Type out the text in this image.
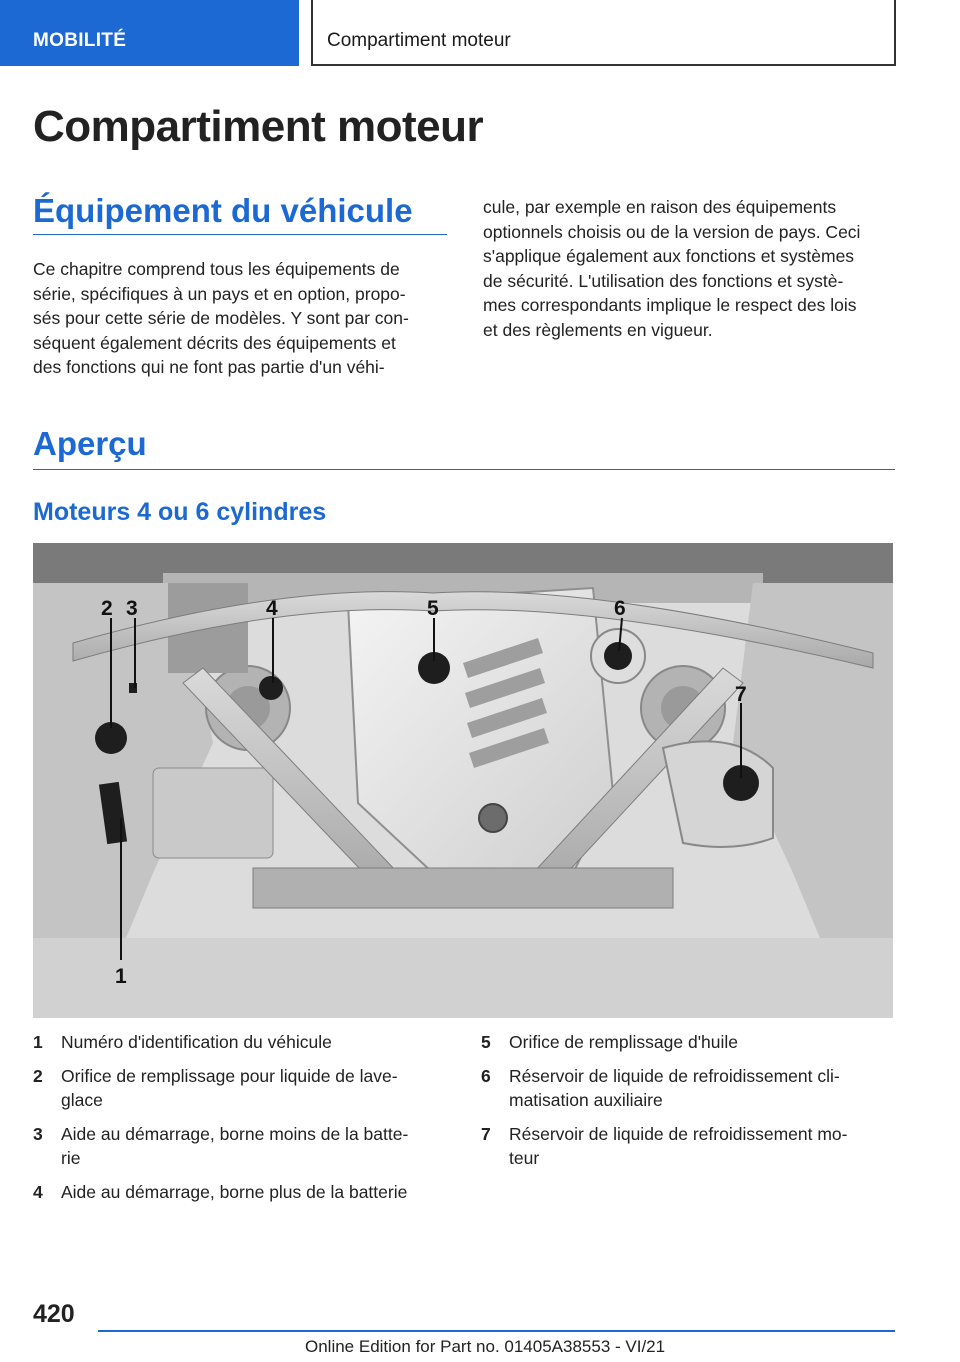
MOBILITÉ	Compartiment moteur
Compartiment moteur
Équipement du véhicule
Ce chapitre comprend tous les équipements de
série, spécifiques à un pays et en option, propo-
sés pour cette série de modèles. Y sont par con-
séquent également décrits des équipements et
des fonctions qui ne font pas partie d'un véhi-
cule, par exemple en raison des équipements
optionnels choisis ou de la version de pays. Ceci
s'applique également aux fonctions et systèmes
de sécurité. L'utilisation des fonctions et systè-
mes correspondants implique le respect des lois
et des règlements en vigueur.
Aperçu
Moteurs 4 ou 6 cylindres
1
2 3	4	5	6
7
1 Numéro d'identification du véhicule
2 Orifice de remplissage pour liquide de lave-
glace
3 Aide au démarrage, borne moins de la batte-
rie
4 Aide au démarrage, borne plus de la batterie
5 Orifice de remplissage d'huile
6 Réservoir de liquide de refroidissement cli-
matisation auxiliaire
7 Réservoir de liquide de refroidissement mo-
teur
420
Online Edition for Part no. 01405A38553 - VI/21
